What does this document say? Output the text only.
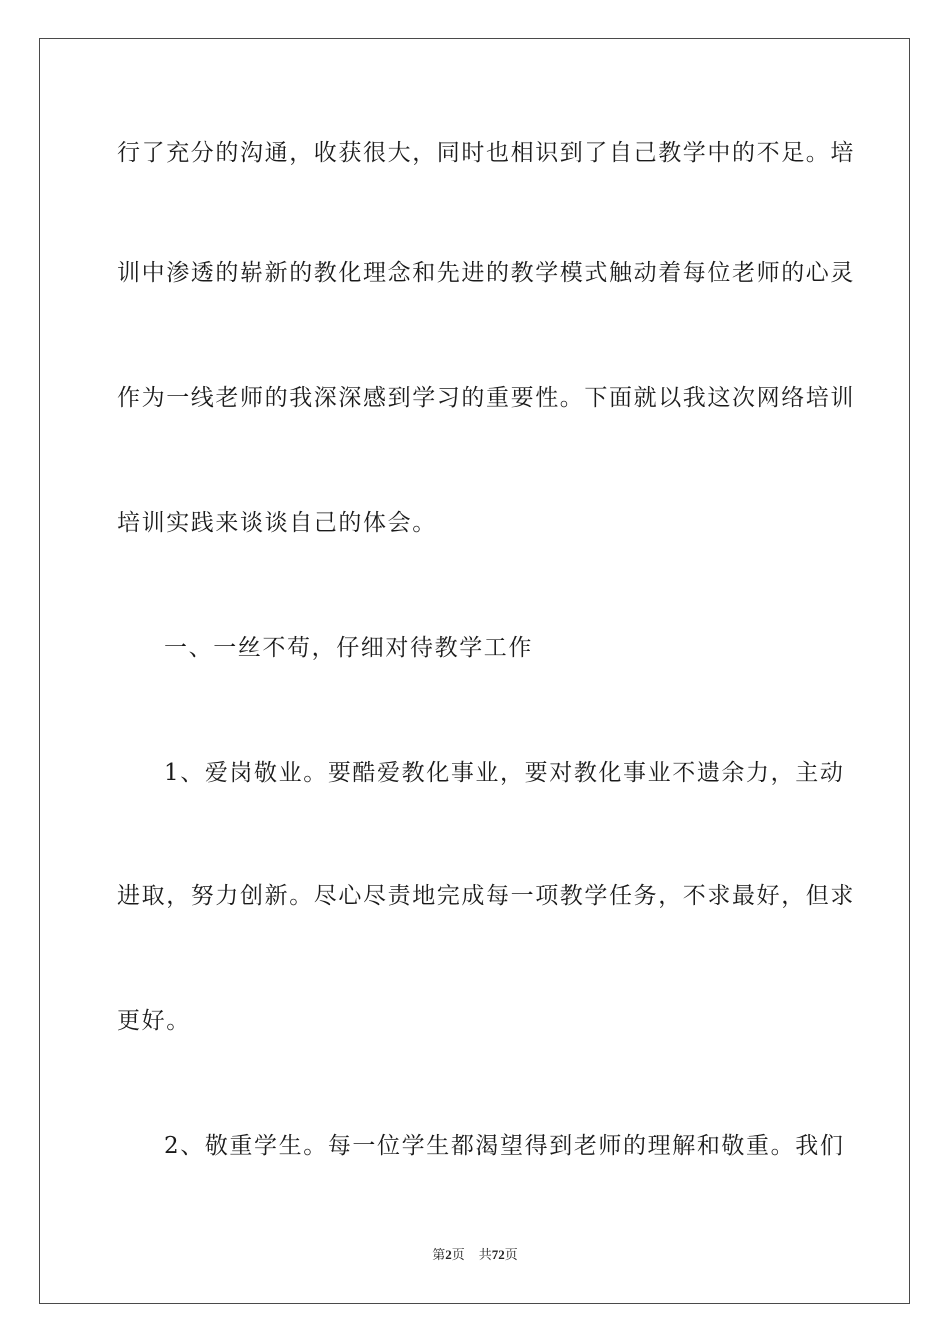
行了充分的沟通，收获很大，同时也相识到了自己教学中的不足。培
训中渗透的崭新的教化理念和先进的教学模式触动着每位老师的心灵
作为一线老师的我深深感到学习的重要性。下面就以我这次网络培训
培训实践来谈谈自己的体会。
一、一丝不苟，仔细对待教学工作
1、爱岗敬业。要酷爱教化事业，要对教化事业不遗余力，主动
进取，努力创新。尽心尽责地完成每一项教学任务，不求最好，但求
更好。
2、敬重学生。每一位学生都渴望得到老师的理解和敬重。我们
第2页 共72页
